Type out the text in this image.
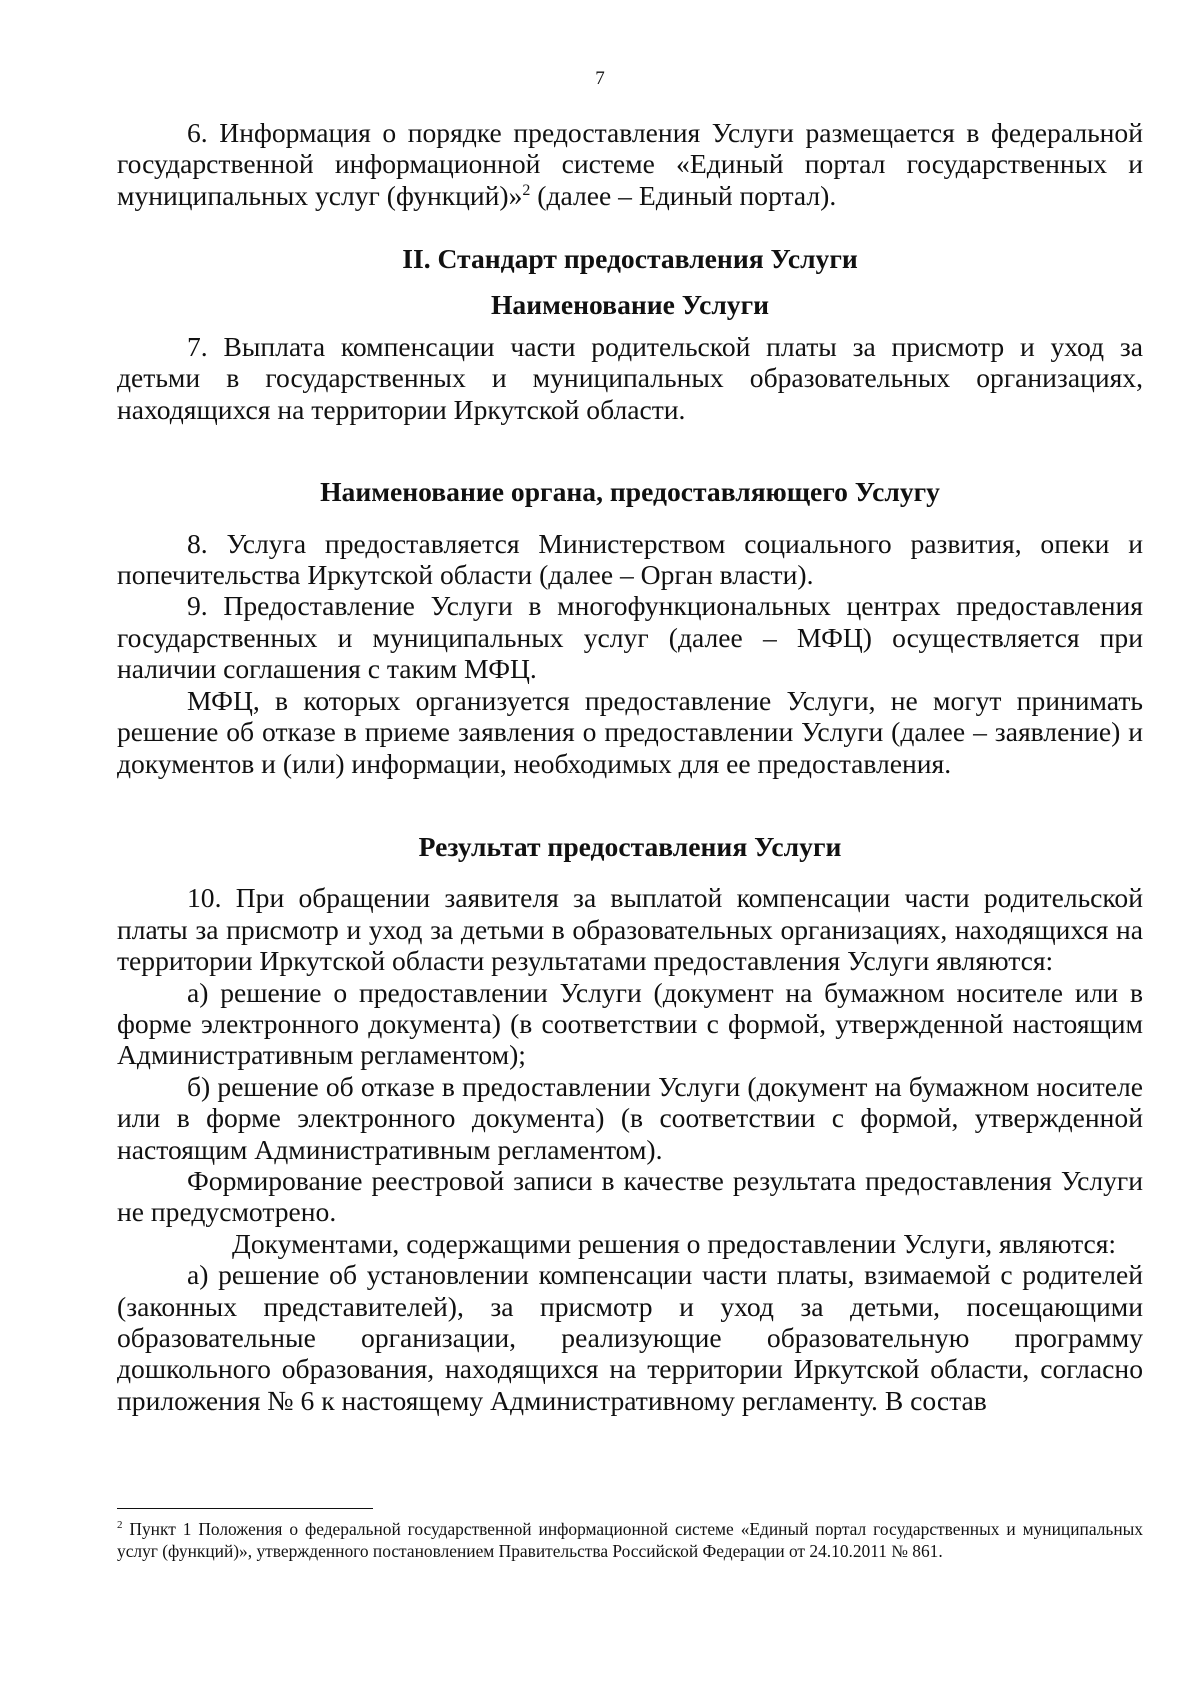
7

6. Информация о порядке предоставления Услуги размещается в федеральной государственной информационной системе «Единый портал государственных и муниципальных услуг (функций)»$^2$ (далее – Единый портал).

II. Стандарт предоставления Услуги
Наименование Услуги

7. Выплата компенсации части родительской платы за присмотр и уход за детьми в государственных и муниципальных образовательных организациях, находящихся на территории Иркутской области.

Наименование органа, предоставляющего Услугу

8. Услуга предоставляется Министерством социального развития, опеки и попечительства Иркутской области (далее – Орган власти).

9. Предоставление Услуги в многофункциональных центрах предоставления государственных и муниципальных услуг (далее – МФЦ) осуществляется при наличии соглашения с таким МФЦ.

МФЦ, в которых организуется предоставление Услуги, не могут принимать решение об отказе в приеме заявления о предоставлении Услуги (далее – заявление) и документов и (или) информации, необходимых для ее предоставления.

Результат предоставления Услуги

10. При обращении заявителя за выплатой компенсации части родительской платы за присмотр и уход за детьми в образовательных организациях, находящихся на территории Иркутской области результатами предоставления Услуги являются:

а) решение о предоставлении Услуги (документ на бумажном носителе или в форме электронного документа) (в соответствии с формой, утвержденной настоящим Административным регламентом);

б) решение об отказе в предоставлении Услуги (документ на бумажном носителе или в форме электронного документа) (в соответствии с формой, утвержденной настоящим Административным регламентом).

Формирование реестровой записи в качестве результата предоставления Услуги не предусмотрено.

Документами, содержащими решения о предоставлении Услуги, являются:

а) решение об установлении компенсации части платы, взимаемой с родителей (законных представителей), за присмотр и уход за детьми, посещающими образовательные организации, реализующие образовательную программу дошкольного образования, находящихся на территории Иркутской области, согласно приложения № 6 к настоящему Административному регламенту. В состав

$^2$ Пункт 1 Положения о федеральной государственной информационной системе «Единый портал государственных и муниципальных услуг (функций)», утвержденного постановлением Правительства Российской Федерации от 24.10.2011 № 861.
